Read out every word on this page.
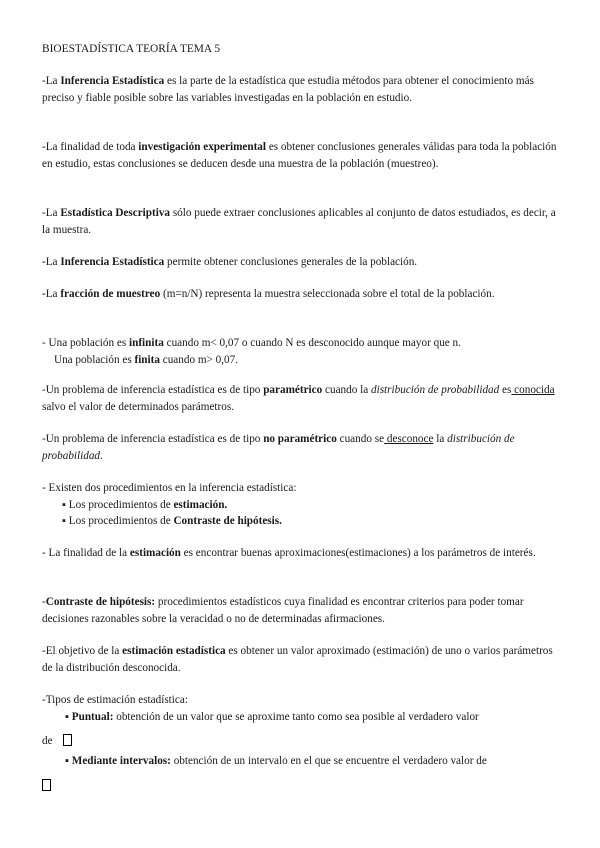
BIOESTADÍSTICA TEORÍA TEMA 5
-La Inferencia Estadística es la parte de la estadística que estudia métodos para obtener el conocimiento más preciso y fiable posible sobre las variables investigadas en la población en estudio.
-La finalidad de toda investigación experimental es obtener conclusiones generales válidas para toda la población en estudio, estas conclusiones se deducen desde una muestra de la población (muestreo).
-La Estadística Descriptiva sólo puede extraer conclusiones aplicables al conjunto de datos estudiados, es decir, a la muestra.
-La Inferencia Estadística permite obtener conclusiones generales de la población.
-La fracción de muestreo (m=n/N) representa la muestra seleccionada sobre el total de la población.
- Una población es infinita cuando m< 0,07 o cuando N es desconocido aunque mayor que n.
Una población es finita cuando m> 0,07.
-Un problema de inferencia estadística es de tipo paramétrico cuando la distribución de probabilidad es conocida salvo el valor de determinados parámetros.
-Un problema de inferencia estadística es de tipo no paramétrico cuando se desconoce la distribución de probabilidad.
- Existen dos procedimientos en la inferencia estadística:
▪ Los procedimientos de estimación.
▪ Los procedimientos de Contraste de hipótesis.
- La finalidad de la estimación es encontrar buenas aproximaciones(estimaciones) a los parámetros de interés.
-Contraste de hipótesis: procedimientos estadísticos cuya finalidad es encontrar criterios para poder tomar decisiones razonables sobre la veracidad o no de determinadas afirmaciones.
-El objetivo de la estimación estadística es obtener un valor aproximado (estimación) de uno o varios parámetros de la distribución desconocida.
-Tipos de estimación estadística:
▪ Puntual: obtención de un valor que se aproxime tanto como sea posible al verdadero valor
de
▪ Mediante intervalos: obtención de un intervalo en el que se encuentre el verdadero valor de
